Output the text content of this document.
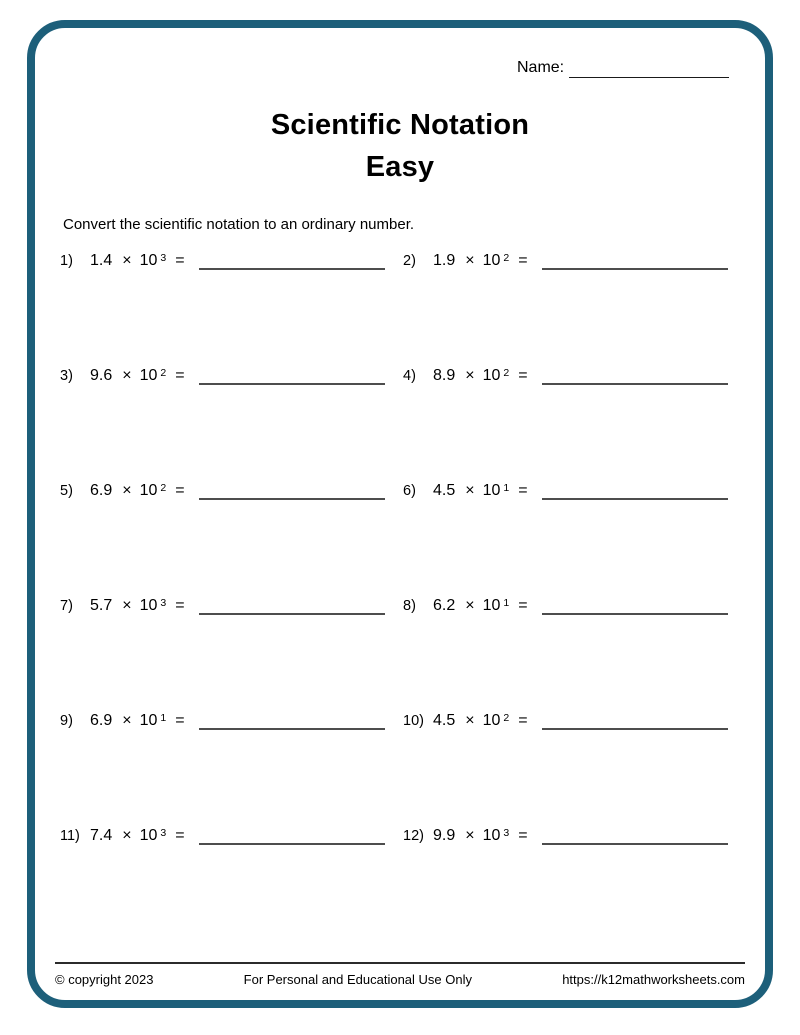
Name:
Scientific Notation
Easy
Convert the scientific notation to an ordinary number.
1)	1.4 × 10 3 =	2)	1.9 × 10 2 =
3)	9.6 × 10 2 =	4)	8.9 × 10 2 =
5)	6.9 × 10 2 =	6)	4.5 × 10 1 =
7)	5.7 × 10 3 =	8)	6.2 × 10 1 =
9)	6.9 × 10 1 =	10) 4.5 × 10 2 =
11) 7.4 × 10 3 =	12) 9.9 × 10 3 =
© copyright 2023	For Personal and Educational Use Only	https://k12mathworksheets.com
